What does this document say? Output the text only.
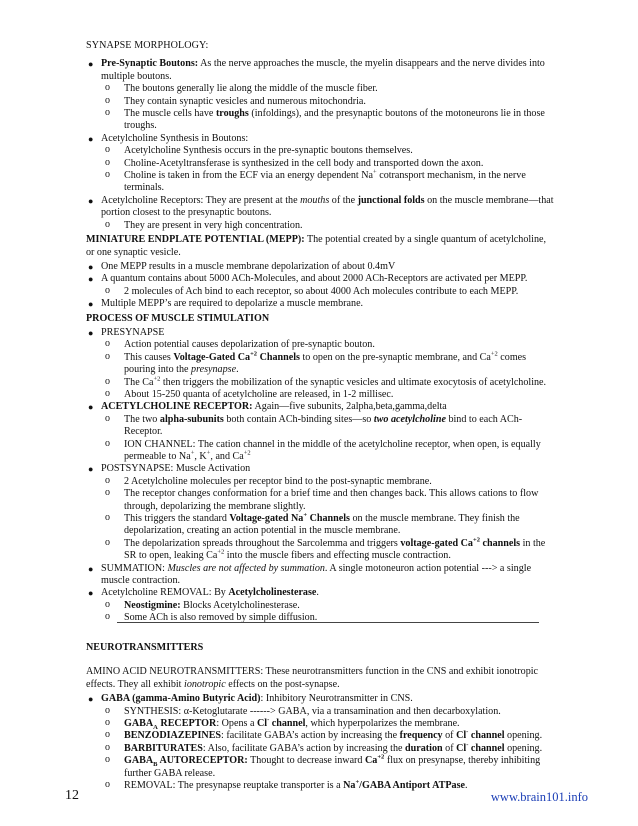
SYNAPSE MORPHOLOGY:
● Pre-Synaptic Boutons: As the nerve approaches the muscle, the myelin disappears and the nerve divides into multiple boutons.
o The boutons generally lie along the middle of the muscle fiber.
o They contain synaptic vesicles and numerous mitochondria.
o The muscle cells have troughs (infoldings), and the presynaptic boutons of the motoneurons lie in those troughs.
● Acetylcholine Synthesis in Boutons:
o Acetylcholine Synthesis occurs in the pre-synaptic boutons themselves.
o Choline-Acetyltransferase is synthesized in the cell body and transported down the axon.
o Choline is taken in from the ECF via an energy dependent Na+ cotransport mechanism, in the nerve terminals.
● Acetylcholine Receptors: They are present at the mouths of the junctional folds on the muscle membrane—that portion closest to the presynaptic boutons.
o They are present in very high concentration.
MINIATURE ENDPLATE POTENTIAL (MEPP): The potential created by a single quantum of acetylcholine, or one synaptic vesicle.
● One MEPP results in a muscle membrane depolarization of about 0.4mV
● A quantum contains about 5000 ACh-Molecules, and about 2000 ACh-Receptors are activated per MEPP.
o 2 molecules of Ach bind to each receptor, so about 4000 Ach molecules contribute to each MEPP.
● Multiple MEPP’s are required to depolarize a muscle membrane.
PROCESS OF MUSCLE STIMULATION
● PRESYNAPSE
o Action potential causes depolarization of pre-synaptic bouton.
o This causes Voltage-Gated $Ca^{+2}$ Channels to open on the pre-synaptic membrane, and $Ca^{+2}$ comes pouring into the presynapse.
o The $Ca^{+2}$ then triggers the mobilization of the synaptic vesicles and ultimate exocytosis of acetylcholine.
o About 15-250 quanta of acetylcholine are released, in 1-2 millisec.
● ACETYLCHOLINE RECEPTOR: Again—five subunits, 2alpha,beta,gamma,delta
o The two alpha-subunits both contain ACh-binding sites—so two acetylcholine bind to each ACh-Receptor.
o ION CHANNEL: The cation channel in the middle of the acetylcholine receptor, when open, is equally permeable to Na+, K+, and $Ca^{+2}$
● POSTSYNAPSE: Muscle Activation
o 2 Acetylcholine molecules per receptor bind to the post-synaptic membrane.
o The receptor changes conformation for a brief time and then changes back. This allows cations to flow through, depolarizing the membrane slightly.
o This triggers the standard Voltage-gated Na+ Channels on the muscle membrane. They finish the depolarization, creating an action potential in the muscle membrane.
o The depolarization spreads throughout the Sarcolemma and triggers voltage-gated $Ca^{+2}$ channels in the SR to open, leaking $Ca^{+2}$ into the muscle fibers and effecting muscle contraction.
● SUMMATION: Muscles are not affected by summation. A single motoneuron action potential ---> a single muscle contraction.
● Acetylcholine REMOVAL: By Acetylcholinesterase.
o Neostigmine: Blocks Acetylcholinesterase.
o Some ACh is also removed by simple diffusion.
NEUROTRANSMITTERS
AMINO ACID NEUROTRANSMITTERS: These neurotransmitters function in the CNS and exhibit ionotropic effects. They all exhibit ionotropic effects on the post-synapse.
● GABA (gamma-Amino Butyric Acid): Inhibitory Neurotransmitter in CNS.
o SYNTHESIS: α-Ketoglutarate ------> GABA, via a transamination and then decarboxylation.
o $GABA_A$ RECEPTOR: Opens a Cl- channel, which hyperpolarizes the membrane.
o BENZODIAZEPINES: facilitate GABA’s action by increasing the frequency of Cl- channel opening.
o BARBITURATES: Also, facilitate GABA’s action by increasing the duration of Cl- channel opening.
o $GABA_B$ AUTORECEPTOR: Thought to decrease inward $Ca^{+2}$ flux on presynapse, thereby inhibiting further GABA release.
o REMOVAL: The presynapse reuptake transporter is a Na+/GABA Antiport ATPase.
12	www.brain101.info
